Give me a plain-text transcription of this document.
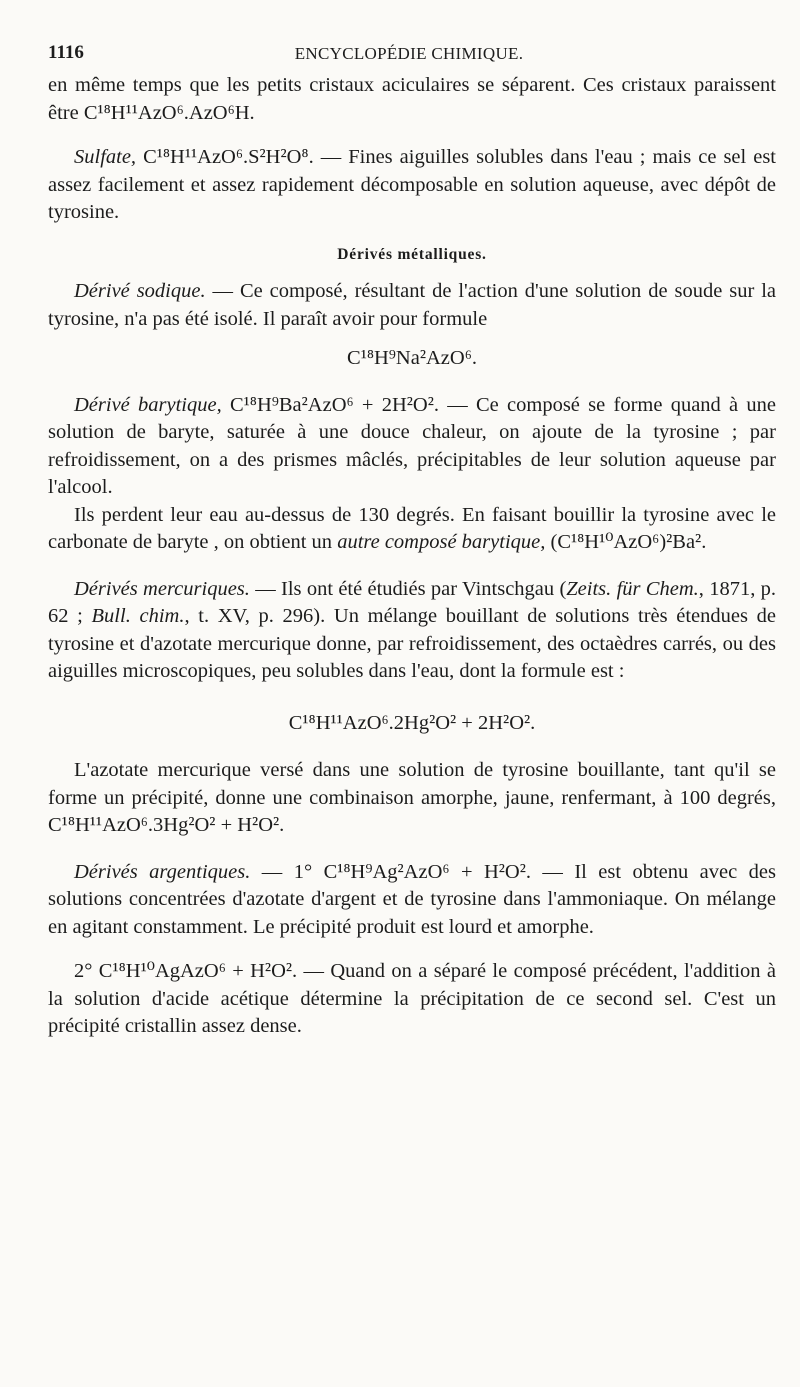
1116	ENCYCLOPÉDIE CHIMIQUE.

en même temps que les petits cristaux aciculaires se séparent. Ces cristaux paraissent être C¹⁸H¹¹AzO⁶.AzO⁶H.

Sulfate, C¹⁸H¹¹AzO⁶.S²H²O⁸. — Fines aiguilles solubles dans l'eau ; mais ce sel est assez facilement et assez rapidement décomposable en solution aqueuse, avec dépôt de tyrosine.

Dérivés métalliques.

Dérivé sodique. — Ce composé, résultant de l'action d'une solution de soude sur la tyrosine, n'a pas été isolé. Il paraît avoir pour formule

C¹⁸H⁹Na²AzO⁶.

Dérivé barytique, C¹⁸H⁹Ba²AzO⁶ + 2H²O². — Ce composé se forme quand à une solution de baryte, saturée à une douce chaleur, on ajoute de la tyrosine ; par refroidissement, on a des prismes mâclés, précipitables de leur solution aqueuse par l'alcool.

Ils perdent leur eau au-dessus de 130 degrés. En faisant bouillir la tyrosine avec le carbonate de baryte , on obtient un autre composé barytique, (C¹⁸H¹⁰AzO⁶)²Ba².

Dérivés mercuriques. — Ils ont été étudiés par Vintschgau (Zeits. für Chem., 1871, p. 62 ; Bull. chim., t. XV, p. 296). Un mélange bouillant de solutions très étendues de tyrosine et d'azotate mercurique donne, par refroidissement, des octaèdres carrés, ou des aiguilles microscopiques, peu solubles dans l'eau, dont la formule est :

C¹⁸H¹¹AzO⁶.2Hg²O² + 2H²O².

L'azotate mercurique versé dans une solution de tyrosine bouillante, tant qu'il se forme un précipité, donne une combinaison amorphe, jaune, renfermant, à 100 degrés, C¹⁸H¹¹AzO⁶.3Hg²O² + H²O².

Dérivés argentiques. — 1° C¹⁸H⁹Ag²AzO⁶ + H²O². — Il est obtenu avec des solutions concentrées d'azotate d'argent et de tyrosine dans l'ammoniaque. On mélange en agitant constamment. Le précipité produit est lourd et amorphe.

2° C¹⁸H¹⁰AgAzO⁶ + H²O². — Quand on a séparé le composé précédent, l'addition à la solution d'acide acétique détermine la précipitation de ce second sel. C'est un précipité cristallin assez dense.
